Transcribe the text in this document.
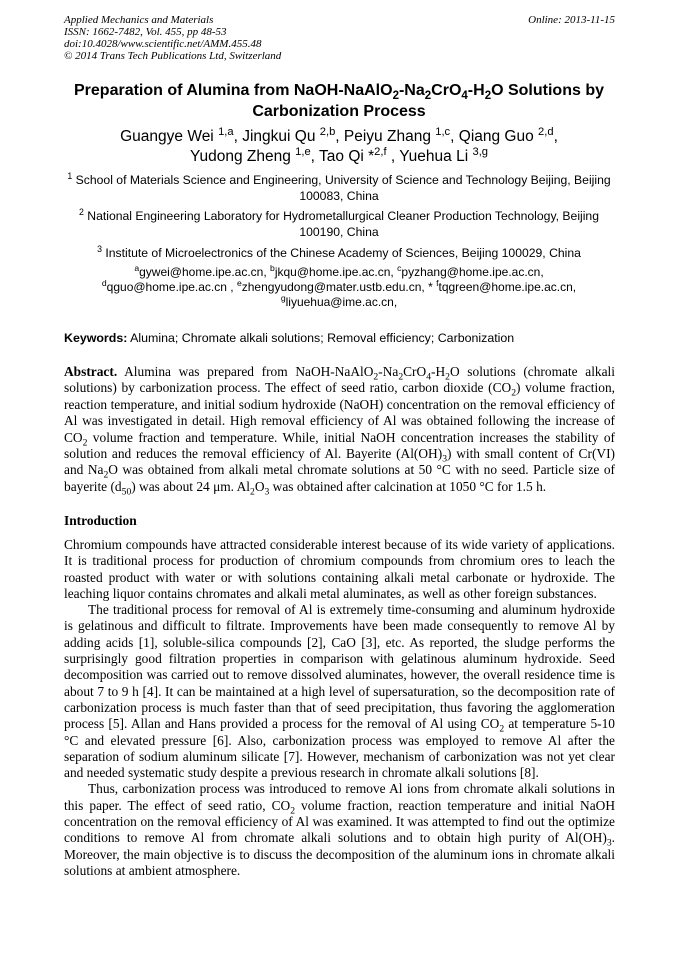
Applied Mechanics and Materials
ISSN: 1662-7482, Vol. 455, pp 48-53
doi:10.4028/www.scientific.net/AMM.455.48
© 2014 Trans Tech Publications Ltd, Switzerland
Online: 2013-11-15
Preparation of Alumina from NaOH-$NaAlO_2-Na_2CrO_4-H_2O$ Solutions by Carbonization Process
Guangye Wei $^{1,a}$, Jingkui Qu $^{2,b}$, Peiyu Zhang $^{1,c}$, Qiang Guo $^{2,d}$,
Yudong Zheng $^{1,e}$, Tao Qi *$^{2,f}$ , Yuehua Li $^{3,g}$
$^1$ School of Materials Science and Engineering, University of Science and Technology Beijing, Beijing 100083, China
$^2$ National Engineering Laboratory for Hydrometallurgical Cleaner Production Technology, Beijing 100190, China
$^3$ Institute of Microelectronics of the Chinese Academy of Sciences, Beijing 100029, China
$^a$gywei@home.ipe.ac.cn, $^b$jkqu@home.ipe.ac.cn, $^c$pyzhang@home.ipe.ac.cn,
$^d$qguo@home.ipe.ac.cn , $^e$zhengyudong@mater.ustb.edu.cn, * $^f$tqgreen@home.ipe.ac.cn,
$^g$liyuehua@ime.ac.cn,
Keywords: Alumina; Chromate alkali solutions; Removal efficiency; Carbonization
Abstract. Alumina was prepared from NaOH-$NaAlO_2-Na_2CrO_4-H_2O$ solutions (chromate alkali solutions) by carbonization process. The effect of seed ratio, carbon dioxide $(CO_2)$ volume fraction, reaction temperature, and initial sodium hydroxide (NaOH) concentration on the removal efficiency of Al was investigated in detail. High removal efficiency of Al was obtained following the increase of $CO_2$ volume fraction and temperature. While, initial NaOH concentration increases the stability of solution and reduces the removal efficiency of Al. Bayerite $(Al(OH)_3)$ with small content of Cr(VI) and $Na_2O$ was obtained from alkali metal chromate solutions at 50 °C with no seed. Particle size of bayerite $(d_{50})$ was about 24 μm. $Al_2O_3$ was obtained after calcination at 1050 °C for 1.5 h.
Introduction

Chromium compounds have attracted considerable interest because of its wide variety of applications. It is traditional process for production of chromium compounds from chromium ores to leach the roasted product with water or with solutions containing alkali metal carbonate or hydroxide. The leaching liquor contains chromates and alkali metal aluminates, as well as other foreign substances.

The traditional process for removal of Al is extremely time-consuming and aluminum hydroxide is gelatinous and difficult to filtrate. Improvements have been made consequently to remove Al by adding acids [1], soluble-silica compounds [2], CaO [3], etc. As reported, the sludge performs the surprisingly good filtration properties in comparison with gelatinous aluminum hydroxide. Seed decomposition was carried out to remove dissolved aluminates, however, the overall residence time is about 7 to 9 h [4]. It can be maintained at a high level of supersaturation, so the decomposition rate of carbonization process is much faster than that of seed precipitation, thus favoring the agglomeration process [5]. Allan and Hans provided a process for the removal of Al using $CO_2$ at temperature 5-10 °C and elevated pressure [6]. Also, carbonization process was employed to remove Al after the separation of sodium aluminum silicate [7]. However, mechanism of carbonization was not yet clear and needed systematic study despite a previous research in chromate alkali solutions [8].

Thus, carbonization process was introduced to remove Al ions from chromate alkali solutions in this paper. The effect of seed ratio, $CO_2$ volume fraction, reaction temperature and initial NaOH concentration on the removal efficiency of Al was examined. It was attempted to find out the optimize conditions to remove Al from chromate alkali solutions and to obtain high purity of $Al(OH)_3$. Moreover, the main objective is to discuss the decomposition of the aluminum ions in chromate alkali solutions at ambient atmosphere.
